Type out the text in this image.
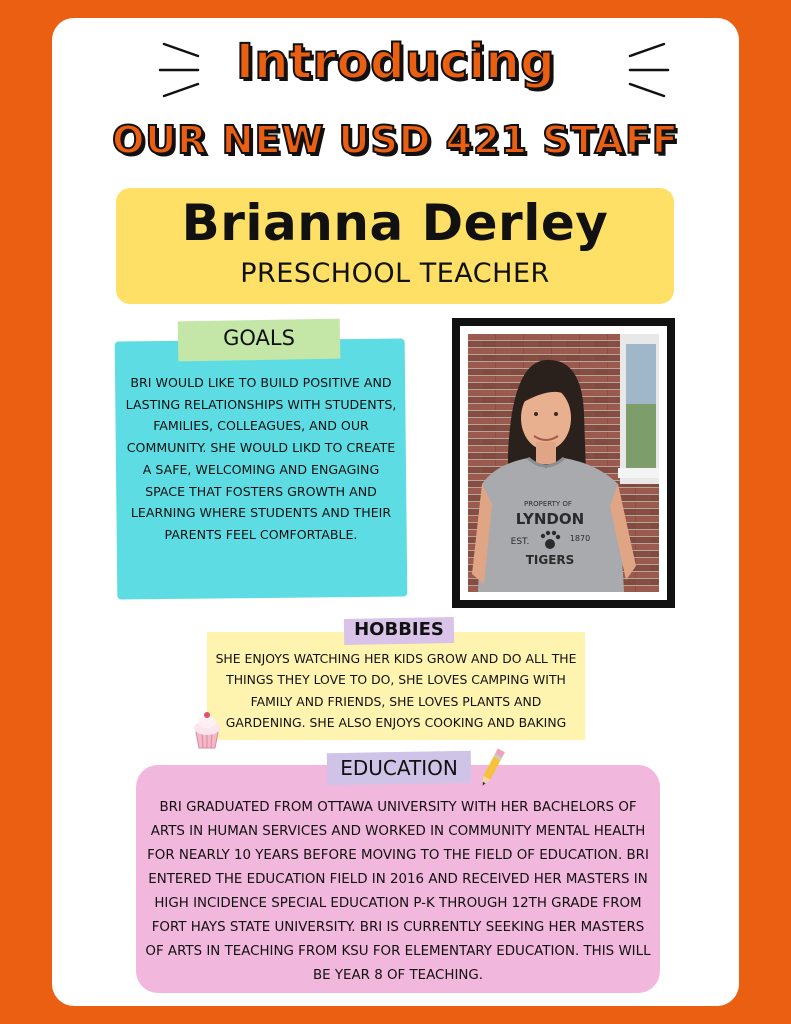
Introducing
OUR NEW USD 421 STAFF
Brianna Derley
PRESCHOOL TEACHER
GOALS
BRI WOULD LIKE TO BUILD POSITIVE AND LASTING RELATIONSHIPS WITH STUDENTS, FAMILIES, COLLEAGUES, AND OUR COMMUNITY. SHE WOULD LIKD TO CREATE A SAFE, WELCOMING AND ENGAGING SPACE THAT FOSTERS GROWTH AND LEARNING WHERE STUDENTS AND THEIR PARENTS FEEL COMFORTABLE.
PROPERTY OF
LYNDON
EST.	1870
TIGERS
HOBBIES
SHE ENJOYS WATCHING HER KIDS GROW AND DO ALL THE THINGS THEY LOVE TO DO, SHE LOVES CAMPING WITH FAMILY AND FRIENDS, SHE LOVES PLANTS AND GARDENING. SHE ALSO ENJOYS COOKING AND BAKING
EDUCATION
BRI GRADUATED FROM OTTAWA UNIVERSITY WITH HER BACHELORS OF ARTS IN HUMAN SERVICES AND WORKED IN COMMUNITY MENTAL HEALTH FOR NEARLY 10 YEARS BEFORE MOVING TO THE FIELD OF EDUCATION. BRI ENTERED THE EDUCATION FIELD IN 2016 AND RECEIVED HER MASTERS IN HIGH INCIDENCE SPECIAL EDUCATION P-K THROUGH 12TH GRADE FROM FORT HAYS STATE UNIVERSITY. BRI IS CURRENTLY SEEKING HER MASTERS OF ARTS IN TEACHING FROM KSU FOR ELEMENTARY EDUCATION. THIS WILL BE YEAR 8 OF TEACHING.
